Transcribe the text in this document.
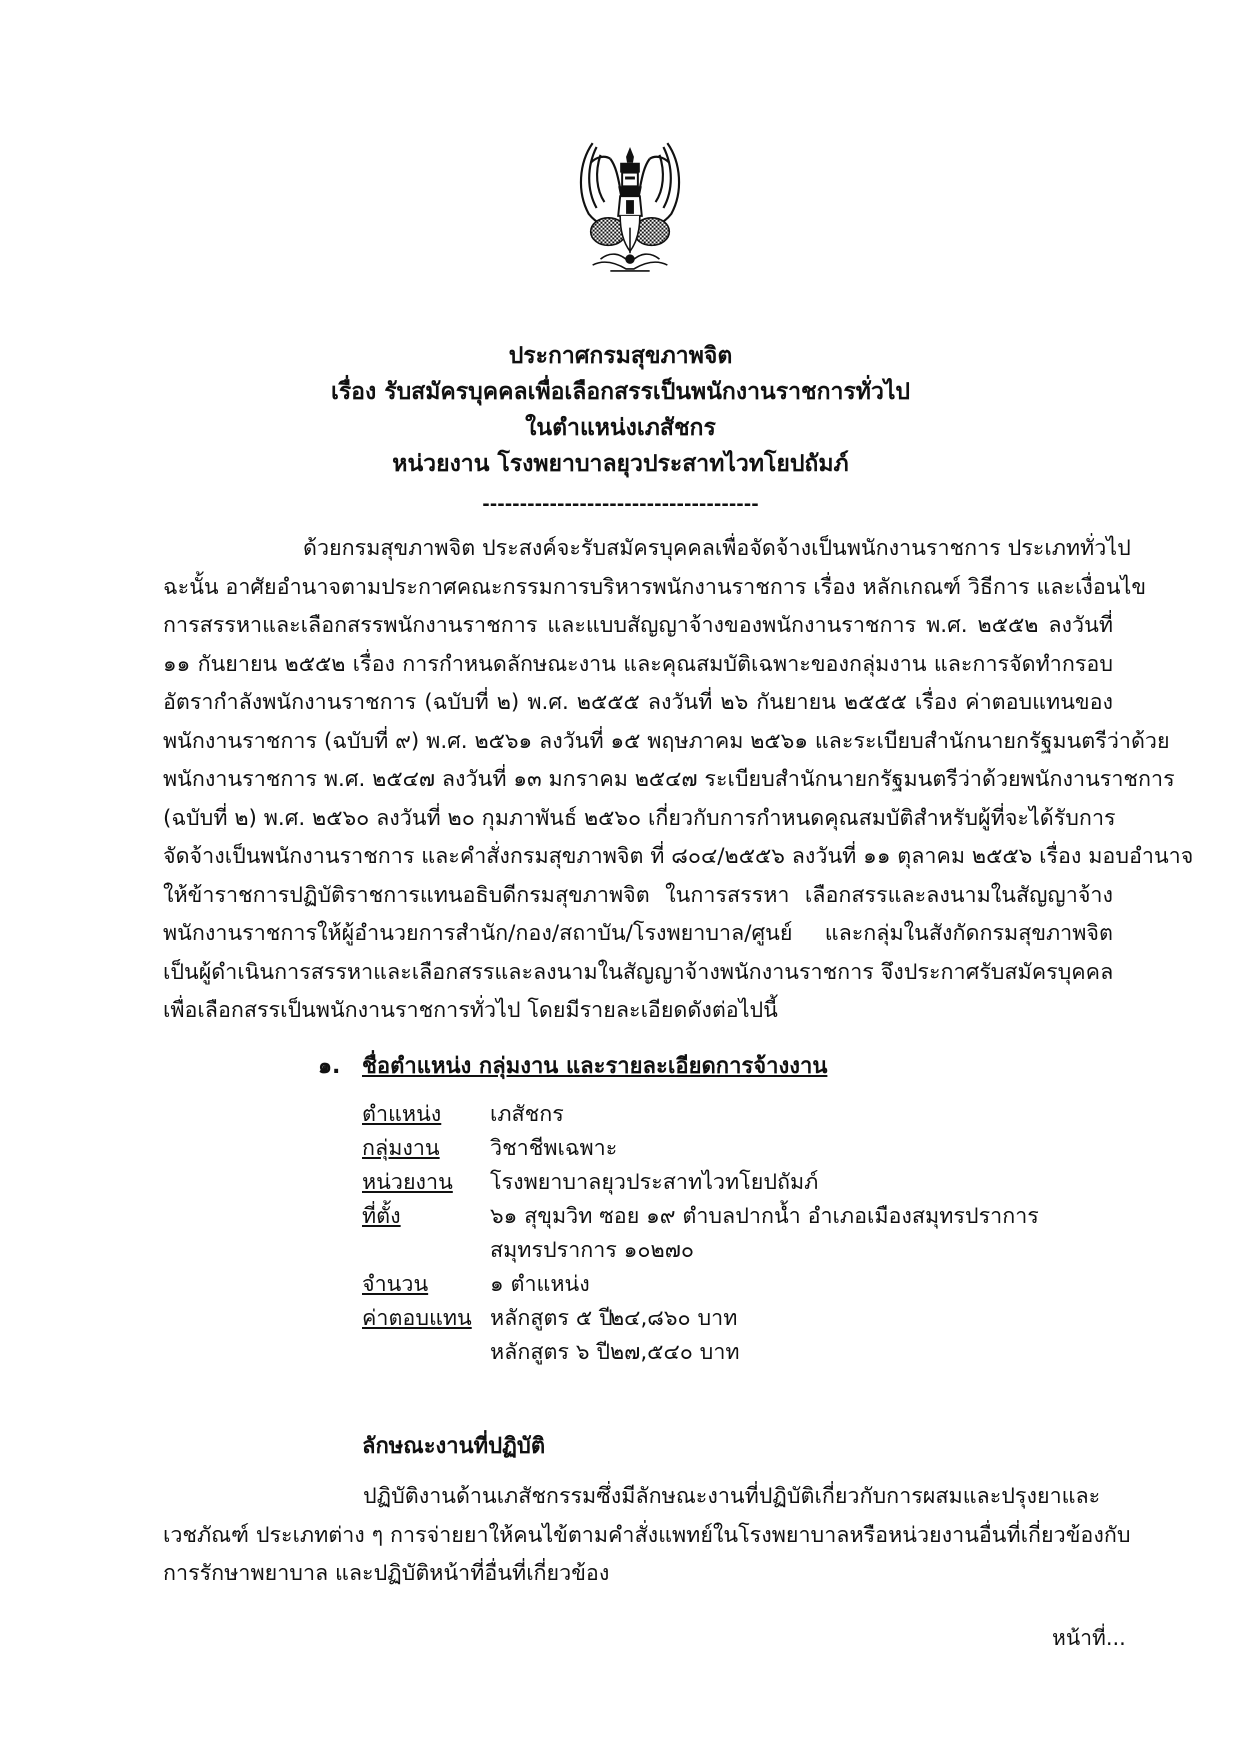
ประกาศกรมสุขภาพจิต
เรื่อง รับสมัครบุคคลเพื่อเลือกสรรเป็นพนักงานราชการทั่วไป
ในตำแหน่งเภสัชกร
หน่วยงาน โรงพยาบาลยุวประสาทไวทโยปถัมภ์
-------------------------------------
ด้วยกรมสุขภาพจิต ประสงค์จะรับสมัครบุคคลเพื่อจัดจ้างเป็นพนักงานราชการ ประเภททั่วไป
ฉะนั้น อาศัยอำนาจตามประกาศคณะกรรมการบริหารพนักงานราชการ เรื่อง หลักเกณฑ์ วิธีการ และเงื่อนไข
การสรรหาและเลือกสรรพนักงานราชการ และแบบสัญญาจ้างของพนักงานราชการ พ.ศ. ๒๕๕๒ ลงวันที่
๑๑ กันยายน ๒๕๕๒ เรื่อง การกำหนดลักษณะงาน และคุณสมบัติเฉพาะของกลุ่มงาน และการจัดทำกรอบ
อัตรากำลังพนักงานราชการ (ฉบับที่ ๒) พ.ศ. ๒๕๕๕ ลงวันที่ ๒๖ กันยายน ๒๕๕๕ เรื่อง ค่าตอบแทนของ
พนักงานราชการ (ฉบับที่ ๙) พ.ศ. ๒๕๖๑ ลงวันที่ ๑๕ พฤษภาคม ๒๕๖๑ และระเบียบสำนักนายกรัฐมนตรีว่าด้วย
พนักงานราชการ พ.ศ. ๒๕๔๗ ลงวันที่ ๑๓ มกราคม ๒๕๔๗ ระเบียบสำนักนายกรัฐมนตรีว่าด้วยพนักงานราชการ
(ฉบับที่ ๒) พ.ศ. ๒๕๖๐ ลงวันที่ ๒๐ กุมภาพันธ์ ๒๕๖๐ เกี่ยวกับการกำหนดคุณสมบัติสำหรับผู้ที่จะได้รับการ
จัดจ้างเป็นพนักงานราชการ และคำสั่งกรมสุขภาพจิต ที่ ๘๐๔/๒๕๕๖ ลงวันที่ ๑๑ ตุลาคม ๒๕๕๖ เรื่อง มอบอำนาจ
ให้ข้าราชการปฏิบัติราชการแทนอธิบดีกรมสุขภาพจิต ในการสรรหา เลือกสรรและลงนามในสัญญาจ้าง
พนักงานราชการให้ผู้อำนวยการสำนัก/กอง/สถาบัน/โรงพยาบาล/ศูนย์ และกลุ่มในสังกัดกรมสุขภาพจิต
เป็นผู้ดำเนินการสรรหาและเลือกสรรและลงนามในสัญญาจ้างพนักงานราชการ จึงประกาศรับสมัครบุคคล
เพื่อเลือกสรรเป็นพนักงานราชการทั่วไป โดยมีรายละเอียดดังต่อไปนี้
๑. ชื่อตำแหน่ง กลุ่มงาน และรายละเอียดการจ้างงาน
ตำแหน่ง เภสัชกร
กลุ่มงาน วิชาชีพเฉพาะ
หน่วยงาน โรงพยาบาลยุวประสาทไวทโยปถัมภ์
ที่ตั้ง	๖๑ สุขุมวิท ซอย ๑๙ ตำบลปากน้ำ อำเภอเมืองสมุทรปราการ
สมุทรปราการ ๑๐๒๗๐
จำนวน	๑ ตำแหน่ง
ค่าตอบแทน หลักสูตร ๕ ปี๒๔,๘๖๐ บาท
หลักสูตร ๖ ปี๒๗,๕๔๐ บาท
ลักษณะงานที่ปฏิบัติ
ปฏิบัติงานด้านเภสัชกรรมซึ่งมีลักษณะงานที่ปฏิบัติเกี่ยวกับการผสมและปรุงยาและ
เวชภัณฑ์ ประเภทต่าง ๆ การจ่ายยาให้คนไข้ตามคำสั่งแพทย์ในโรงพยาบาลหรือหน่วยงานอื่นที่เกี่ยวข้องกับ
การรักษาพยาบาล และปฏิบัติหน้าที่อื่นที่เกี่ยวข้อง
หน้าที่...
